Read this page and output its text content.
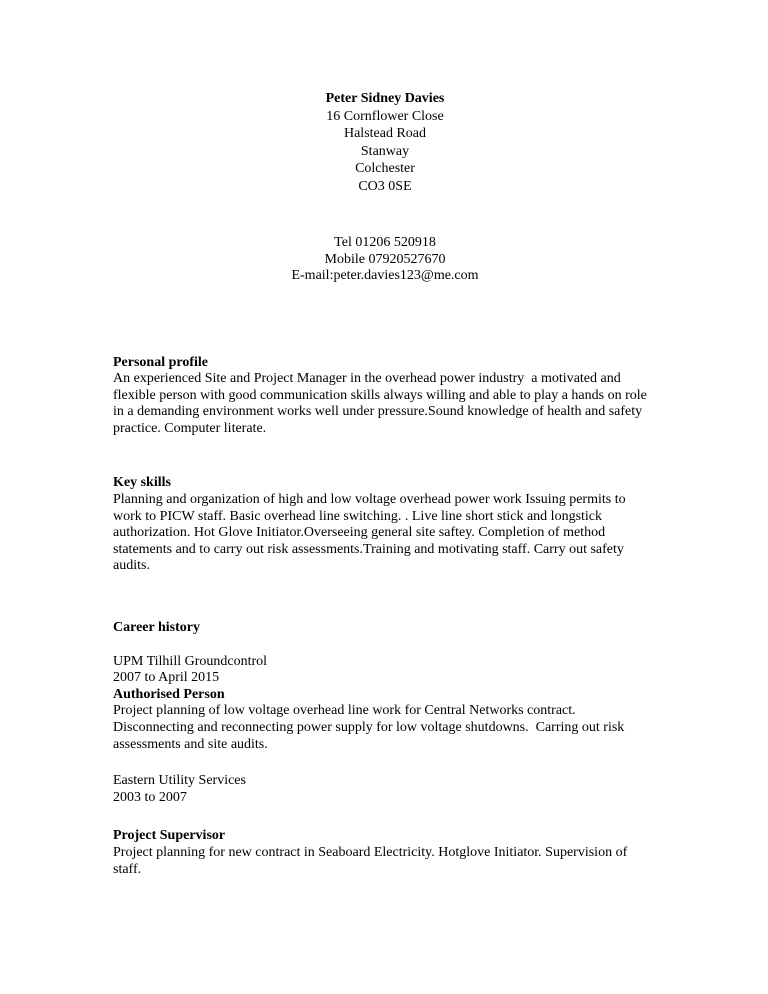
Peter Sidney Davies
16 Cornflower Close
Halstead Road
Stanway
Colchester
CO3 0SE
Tel 01206 520918
Mobile 07920527670
E-mail:peter.davies123@me.com
Personal profile

An experienced Site and Project Manager in the overhead power industry  a motivated and flexible person with good communication skills always willing and able to play a hands on role in a demanding environment works well under pressure.Sound knowledge of health and safety practice. Computer literate.

Key skills

Planning and organization of high and low voltage overhead power work Issuing permits to work to PICW staff. Basic overhead line switching. . Live line short stick and longstick authorization. Hot Glove Initiator.Overseeing general site saftey. Completion of method statements and to carry out risk assessments.Training and motivating staff. Carry out safety audits.

Career history
UPM Tilhill Groundcontrol
2007 to April 2015
Authorised Person

Project planning of low voltage overhead line work for Central Networks contract. Disconnecting and reconnecting power supply for low voltage shutdowns.  Carring out risk assessments and site audits.

Eastern Utility Services
2003 to 2007
Project Supervisor

Project planning for new contract in Seaboard Electricity. Hotglove Initiator. Supervision of staff.
